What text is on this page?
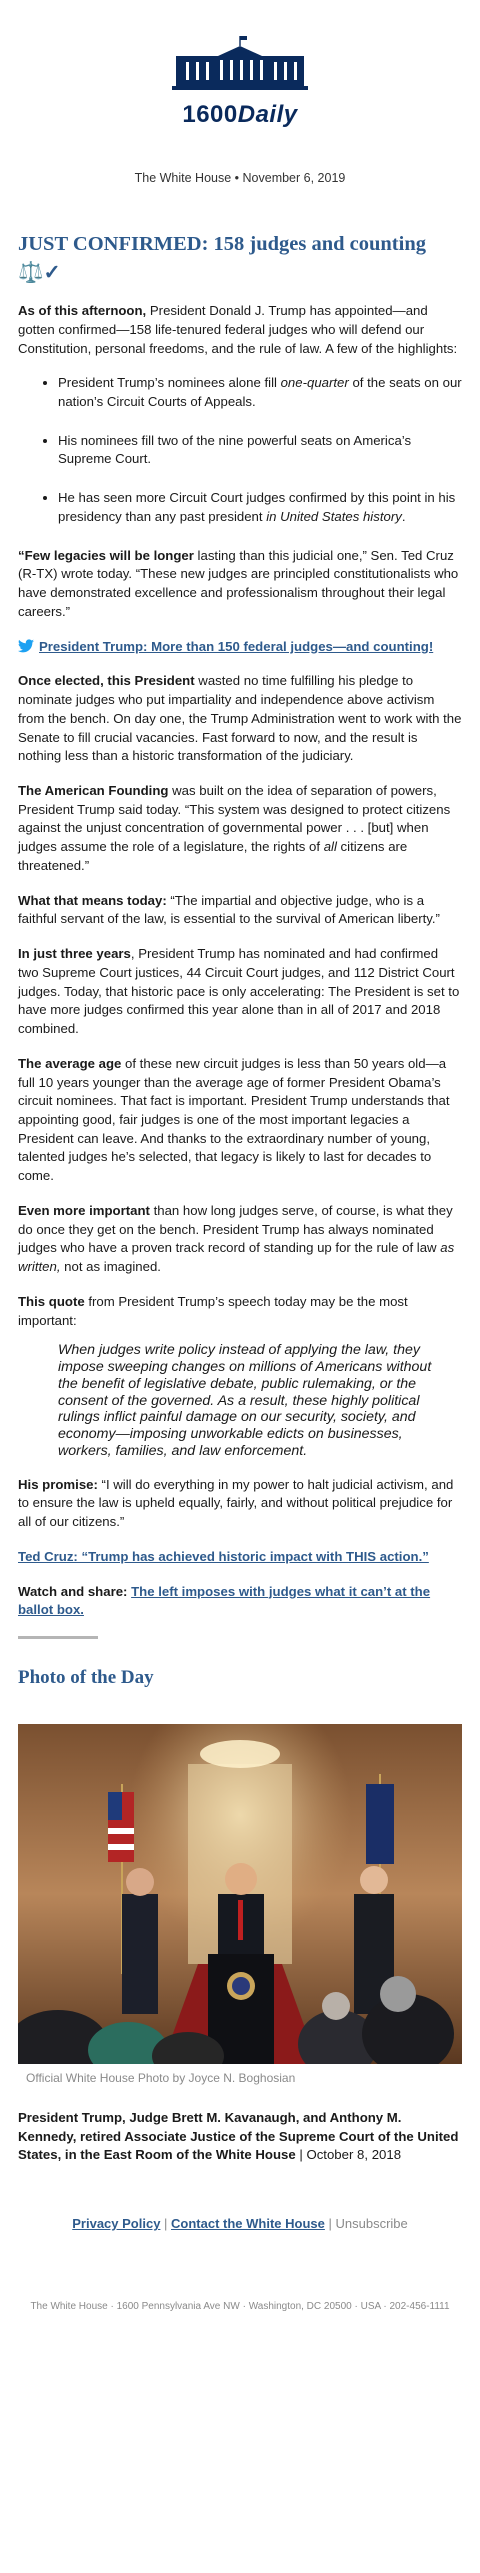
1600Daily
The White House • November 6, 2019
JUST CONFIRMED: 158 judges and counting ⚖️✓

As of this afternoon, President Donald J. Trump has appointed—and gotten confirmed—158 life-tenured federal judges who will defend our Constitution, personal freedoms, and the rule of law. A few of the highlights:

• President Trump’s nominees alone fill one-quarter of the seats on our nation’s Circuit Courts of Appeals.
• His nominees fill two of the nine powerful seats on America’s Supreme Court.
• He has seen more Circuit Court judges confirmed by this point in his presidency than any past president in United States history.

“Few legacies will be longer lasting than this judicial one,” Sen. Ted Cruz (R-TX) wrote today. “These new judges are principled constitutionalists who have demonstrated excellence and professionalism throughout their legal careers.”

President Trump: More than 150 federal judges—and counting!

Once elected, this President wasted no time fulfilling his pledge to nominate judges who put impartiality and independence above activism from the bench. On day one, the Trump Administration went to work with the Senate to fill crucial vacancies. Fast forward to now, and the result is nothing less than a historic transformation of the judiciary.

The American Founding was built on the idea of separation of powers, President Trump said today. “This system was designed to protect citizens against the unjust concentration of governmental power . . . [but] when judges assume the role of a legislature, the rights of all citizens are threatened.”

What that means today: “The impartial and objective judge, who is a faithful servant of the law, is essential to the survival of American liberty.”

In just three years, President Trump has nominated and had confirmed two Supreme Court justices, 44 Circuit Court judges, and 112 District Court judges. Today, that historic pace is only accelerating: The President is set to have more judges confirmed this year alone than in all of 2017 and 2018 combined.

The average age of these new circuit judges is less than 50 years old—a full 10 years younger than the average age of former President Obama’s circuit nominees. That fact is important. President Trump understands that appointing good, fair judges is one of the most important legacies a President can leave. And thanks to the extraordinary number of young, talented judges he’s selected, that legacy is likely to last for decades to come.

Even more important than how long judges serve, of course, is what they do once they get on the bench. President Trump has always nominated judges who have a proven track record of standing up for the rule of law as written, not as imagined.

This quote from President Trump’s speech today may be the most important:

When judges write policy instead of applying the law, they impose sweeping changes on millions of Americans without the benefit of legislative debate, public rulemaking, or the consent of the governed. As a result, these highly political rulings inflict painful damage on our security, society, and economy—imposing unworkable edicts on businesses, workers, families, and law enforcement.

His promise: “I will do everything in my power to halt judicial activism, and to ensure the law is upheld equally, fairly, and without political prejudice for all of our citizens.”

Ted Cruz: “Trump has achieved historic impact with THIS action.”

Watch and share: The left imposes with judges what it can’t at the ballot box.

Photo of the Day
Official White House Photo by Joyce N. Boghosian

President Trump, Judge Brett M. Kavanaugh, and Anthony M. Kennedy, retired Associate Justice of the Supreme Court of the United States, in the East Room of the White House | October 8, 2018

Privacy Policy | Contact the White House | Unsubscribe
The White House · 1600 Pennsylvania Ave NW · Washington, DC 20500 · USA · 202-456-1111
